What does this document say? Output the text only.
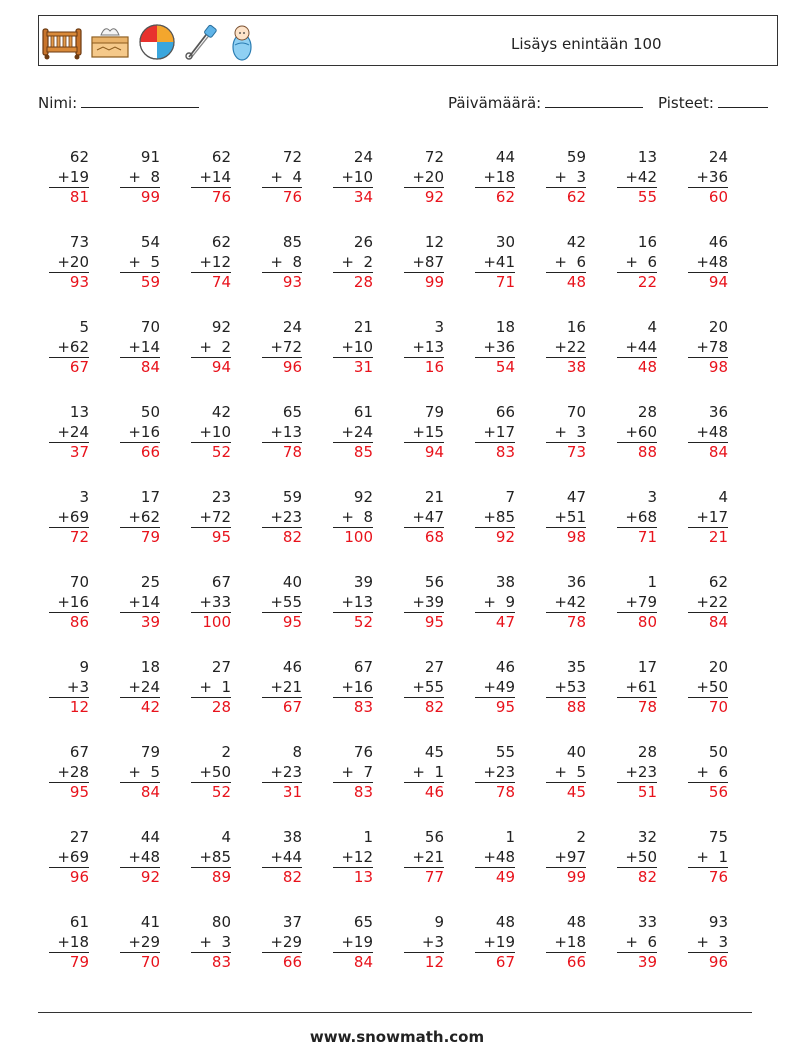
Lisäys enintään 100
Nimi:	Päivämäärä:	Pisteet:
62
+19
81
91
+  8
99
62
+14
76
72
+  4
76
24
+10
34
72
+20
92
44
+18
62
59
+  3
62
13
+42
55
24
+36
60
73
+20
93
54
+  5
59
62
+12
74
85
+  8
93
26
+  2
28
12
+87
99
30
+41
71
42
+  6
48
16
+  6
22
46
+48
94
5
+62
67
70
+14
84
92
+  2
94
24
+72
96
21
+10
31
3
+13
16
18
+36
54
16
+22
38
4
+44
48
20
+78
98
13
+24
37
50
+16
66
42
+10
52
65
+13
78
61
+24
85
79
+15
94
66
+17
83
70
+  3
73
28
+60
88
36
+48
84
3
+69
72
17
+62
79
23
+72
95
59
+23
82
92
+  8
100
21
+47
68
7
+85
92
47
+51
98
3
+68
71
4
+17
21
70
+16
86
25
+14
39
67
+33
100
40
+55
95
39
+13
52
56
+39
95
38
+  9
47
36
+42
78
1
+79
80
62
+22
84
9
+3
12
18
+24
42
27
+  1
28
46
+21
67
67
+16
83
27
+55
82
46
+49
95
35
+53
88
17
+61
78
20
+50
70
67
+28
95
79
+  5
84
2
+50
52
8
+23
31
76
+  7
83
45
+  1
46
55
+23
78
40
+  5
45
28
+23
51
50
+  6
56
27
+69
96
44
+48
92
4
+85
89
38
+44
82
1
+12
13
56
+21
77
1
+48
49
2
+97
99
32
+50
82
75
+  1
76
61
+18
79
41
+29
70
80
+  3
83
37
+29
66
65
+19
84
9
+3
12
48
+19
67
48
+18
66
33
+  6
39
93
+  3
96
www.snowmath.com
